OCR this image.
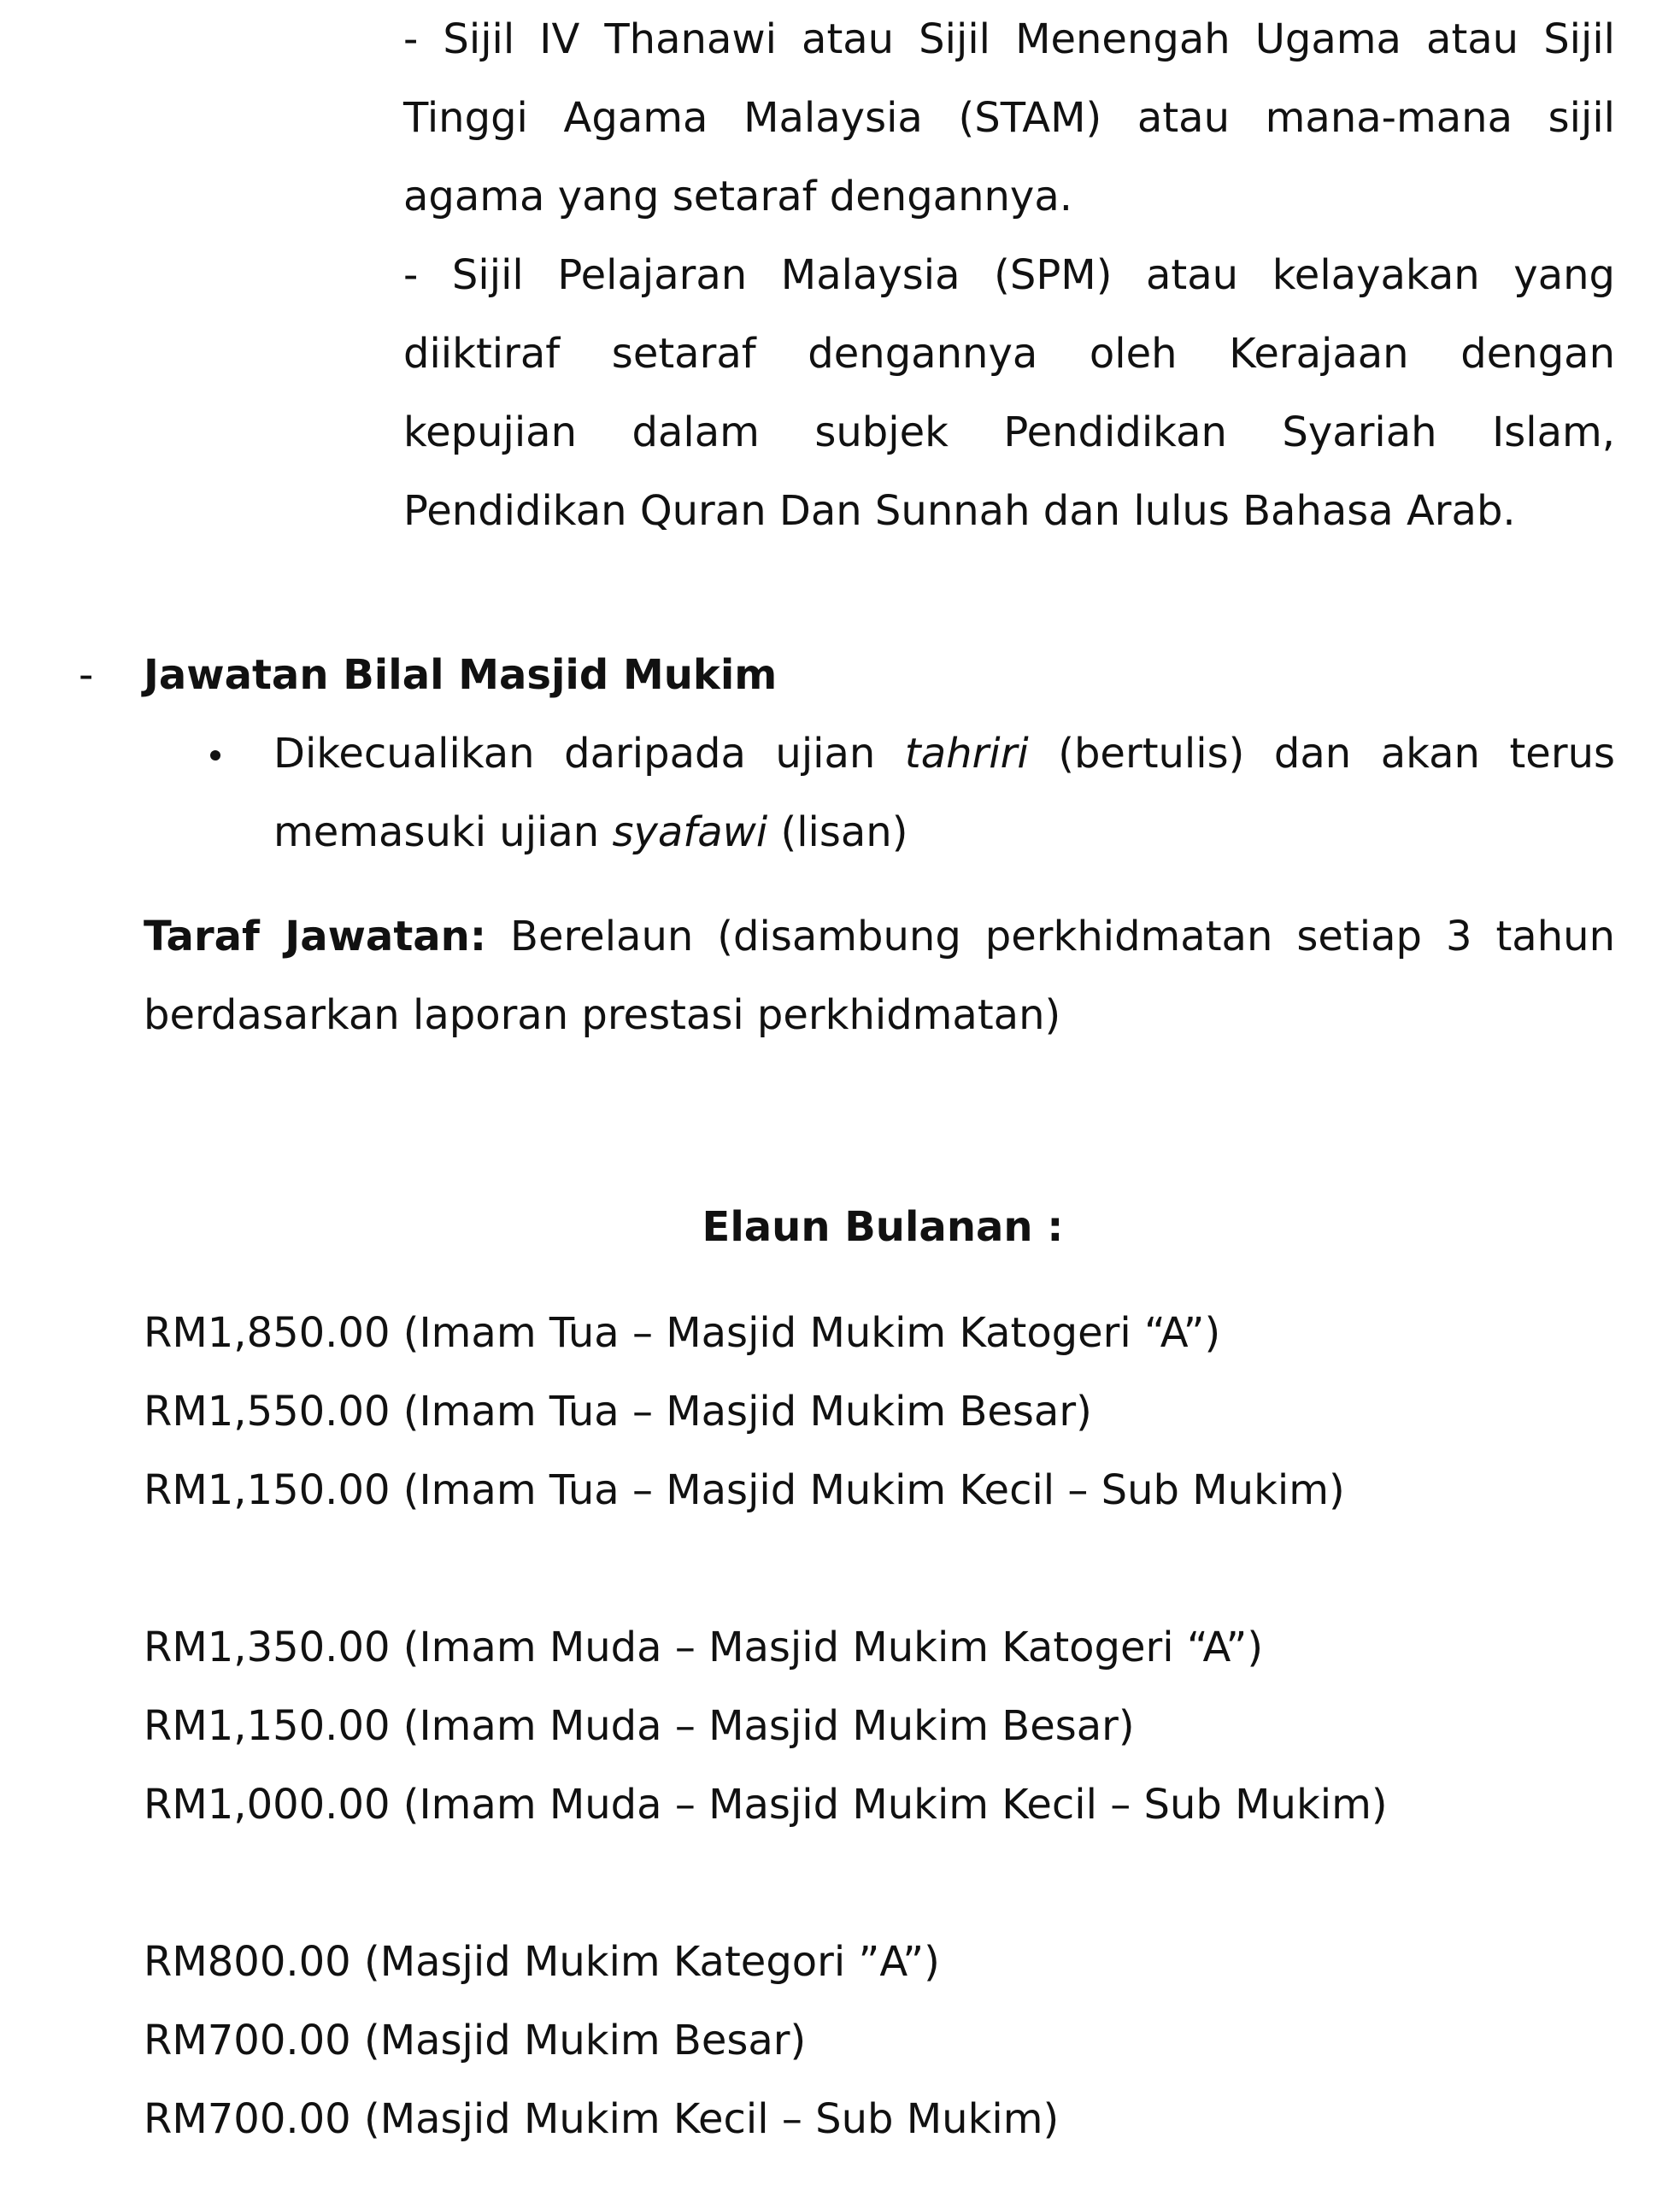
- Sijil IV Thanawi atau Sijil Menengah Ugama atau Sijil
Tinggi Agama Malaysia (STAM) atau mana-mana sijil
agama yang setaraf dengannya.
- Sijil Pelajaran Malaysia (SPM) atau kelayakan yang
diiktiraf setaraf dengannya oleh Kerajaan dengan
kepujian dalam subjek Pendidikan Syariah Islam,
Pendidikan Quran Dan Sunnah dan lulus Bahasa Arab.
- Jawatan Bilal Masjid Mukim
Dikecualikan daripada ujian tahriri (bertulis) dan akan terus
memasuki ujian syafawi (lisan)
Taraf Jawatan: Berelaun (disambung perkhidmatan setiap 3 tahun
berdasarkan laporan prestasi perkhidmatan)
Elaun Bulanan :
RM1,850.00 (Imam Tua – Masjid Mukim Katogeri “A”)
RM1,550.00 (Imam Tua – Masjid Mukim Besar)
RM1,150.00 (Imam Tua – Masjid Mukim Kecil – Sub Mukim)
RM1,350.00 (Imam Muda – Masjid Mukim Katogeri “A”)
RM1,150.00 (Imam Muda – Masjid Mukim Besar)
RM1,000.00 (Imam Muda – Masjid Mukim Kecil – Sub Mukim)
RM800.00 (Masjid Mukim Kategori ”A”)
RM700.00 (Masjid Mukim Besar)
RM700.00 (Masjid Mukim Kecil – Sub Mukim)
